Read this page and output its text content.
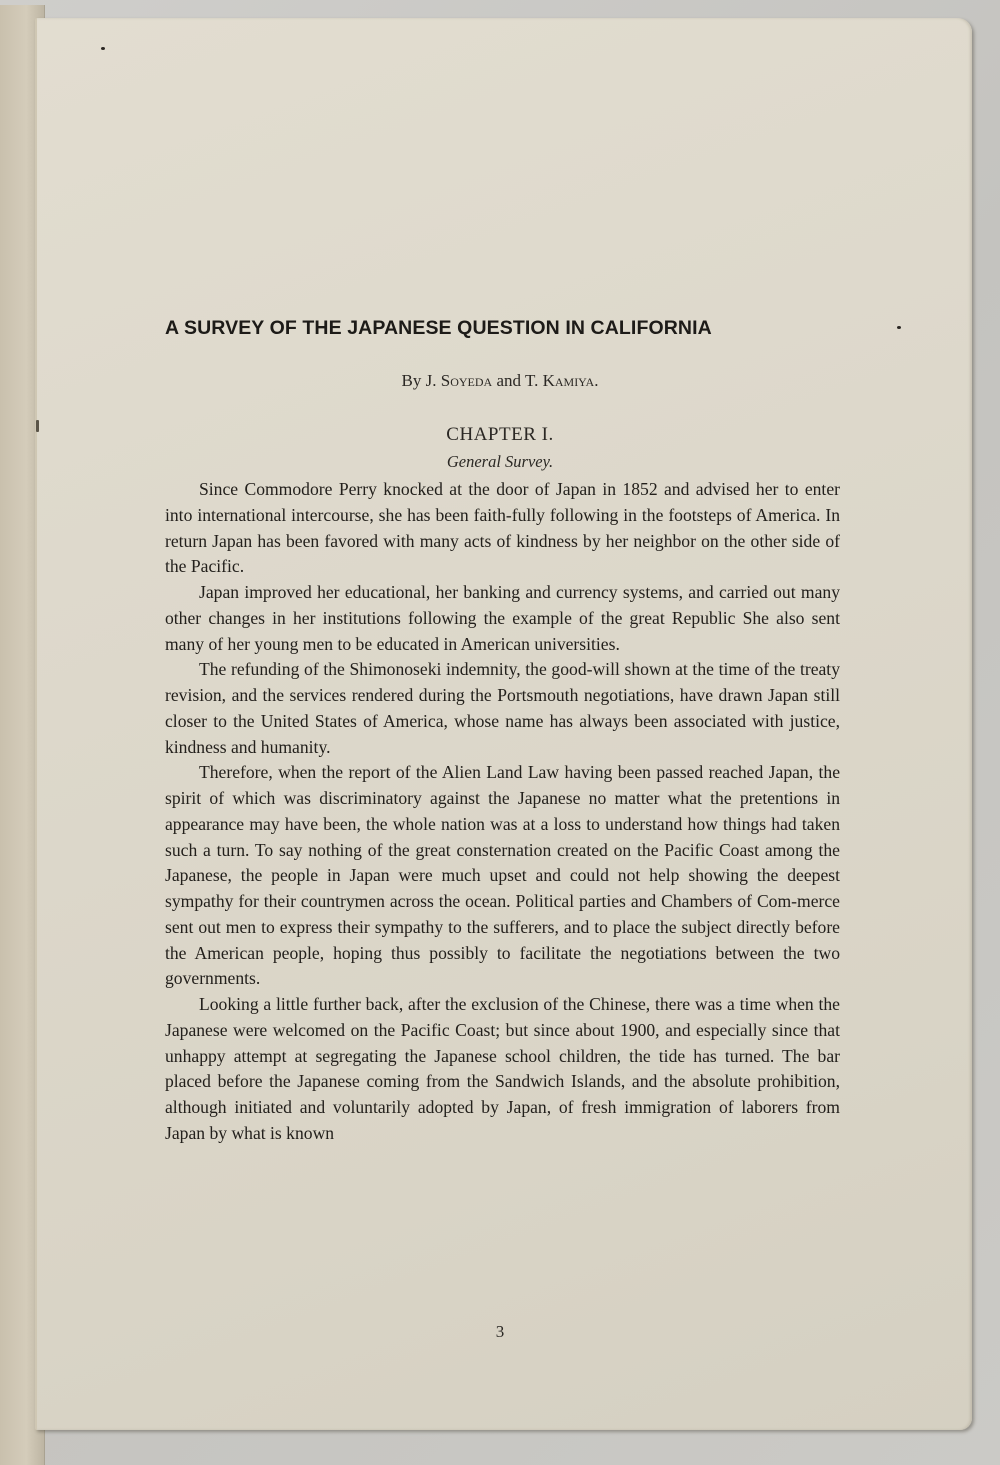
A SURVEY OF THE JAPANESE QUESTION IN CALIFORNIA
By J. Soyeda and T. Kamiya.
CHAPTER I.
General Survey.

Since Commodore Perry knocked at the door of Japan in 1852 and advised her to enter into international intercourse, she has been faith-fully following in the footsteps of America. In return Japan has been favored with many acts of kindness by her neighbor on the other side of the Pacific.

Japan improved her educational, her banking and currency systems, and carried out many other changes in her institutions following the example of the great Republic She also sent many of her young men to be educated in American universities.

The refunding of the Shimonoseki indemnity, the good-will shown at the time of the treaty revision, and the services rendered during the Portsmouth negotiations, have drawn Japan still closer to the United States of America, whose name has always been associated with justice, kindness and humanity.

Therefore, when the report of the Alien Land Law having been passed reached Japan, the spirit of which was discriminatory against the Japanese no matter what the pretentions in appearance may have been, the whole nation was at a loss to understand how things had taken such a turn. To say nothing of the great consternation created on the Pacific Coast among the Japanese, the people in Japan were much upset and could not help showing the deepest sympathy for their countrymen across the ocean. Political parties and Chambers of Com-merce sent out men to express their sympathy to the sufferers, and to place the subject directly before the American people, hoping thus possibly to facilitate the negotiations between the two governments.

Looking a little further back, after the exclusion of the Chinese, there was a time when the Japanese were welcomed on the Pacific Coast; but since about 1900, and especially since that unhappy attempt at segregating the Japanese school children, the tide has turned. The bar placed before the Japanese coming from the Sandwich Islands, and the absolute prohibition, although initiated and voluntarily adopted by Japan, of fresh immigration of laborers from Japan by what is known

3
